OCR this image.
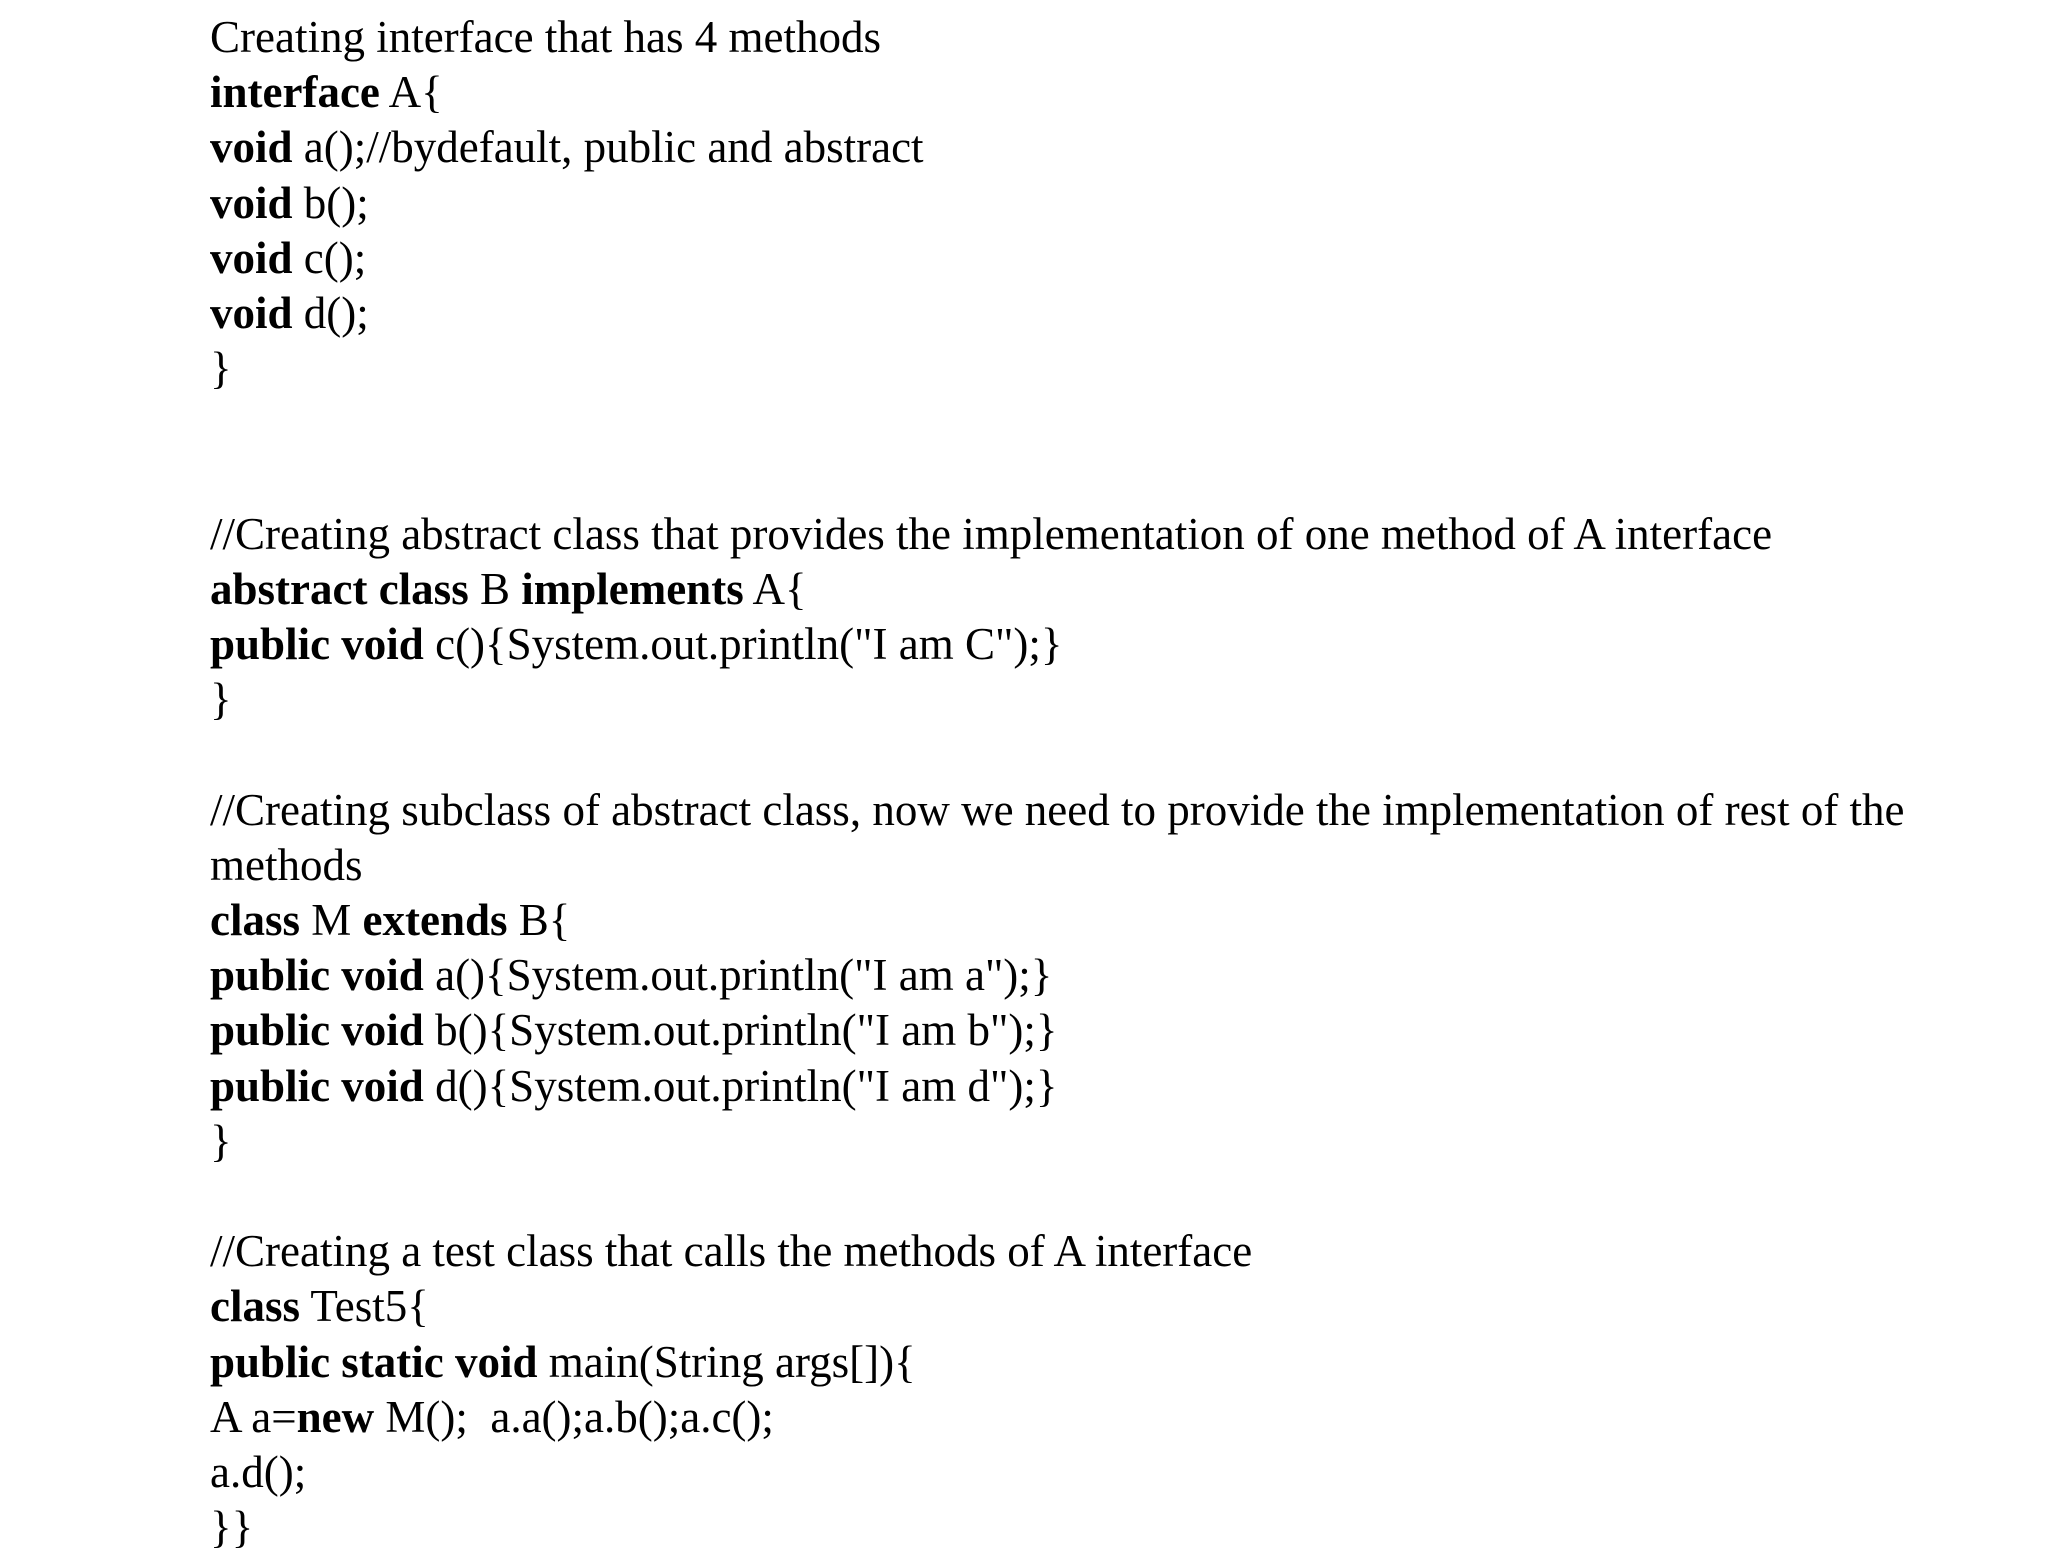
Creating interface that has 4 methods
interface A{
void a();//bydefault, public and abstract
void b();
void c();
void d();
}
//Creating abstract class that provides the implementation of one method of A interface
abstract class B implements A{
public void c(){System.out.println("I am C");}
}
//Creating subclass of abstract class, now we need to provide the implementation of rest of the
methods
class M extends B{
public void a(){System.out.println("I am a");}
public void b(){System.out.println("I am b");}
public void d(){System.out.println("I am d");}
}
//Creating a test class that calls the methods of A interface
class Test5{
public static void main(String args[]){
A a=new M();  a.a();a.b();a.c();
a.d();
}}
